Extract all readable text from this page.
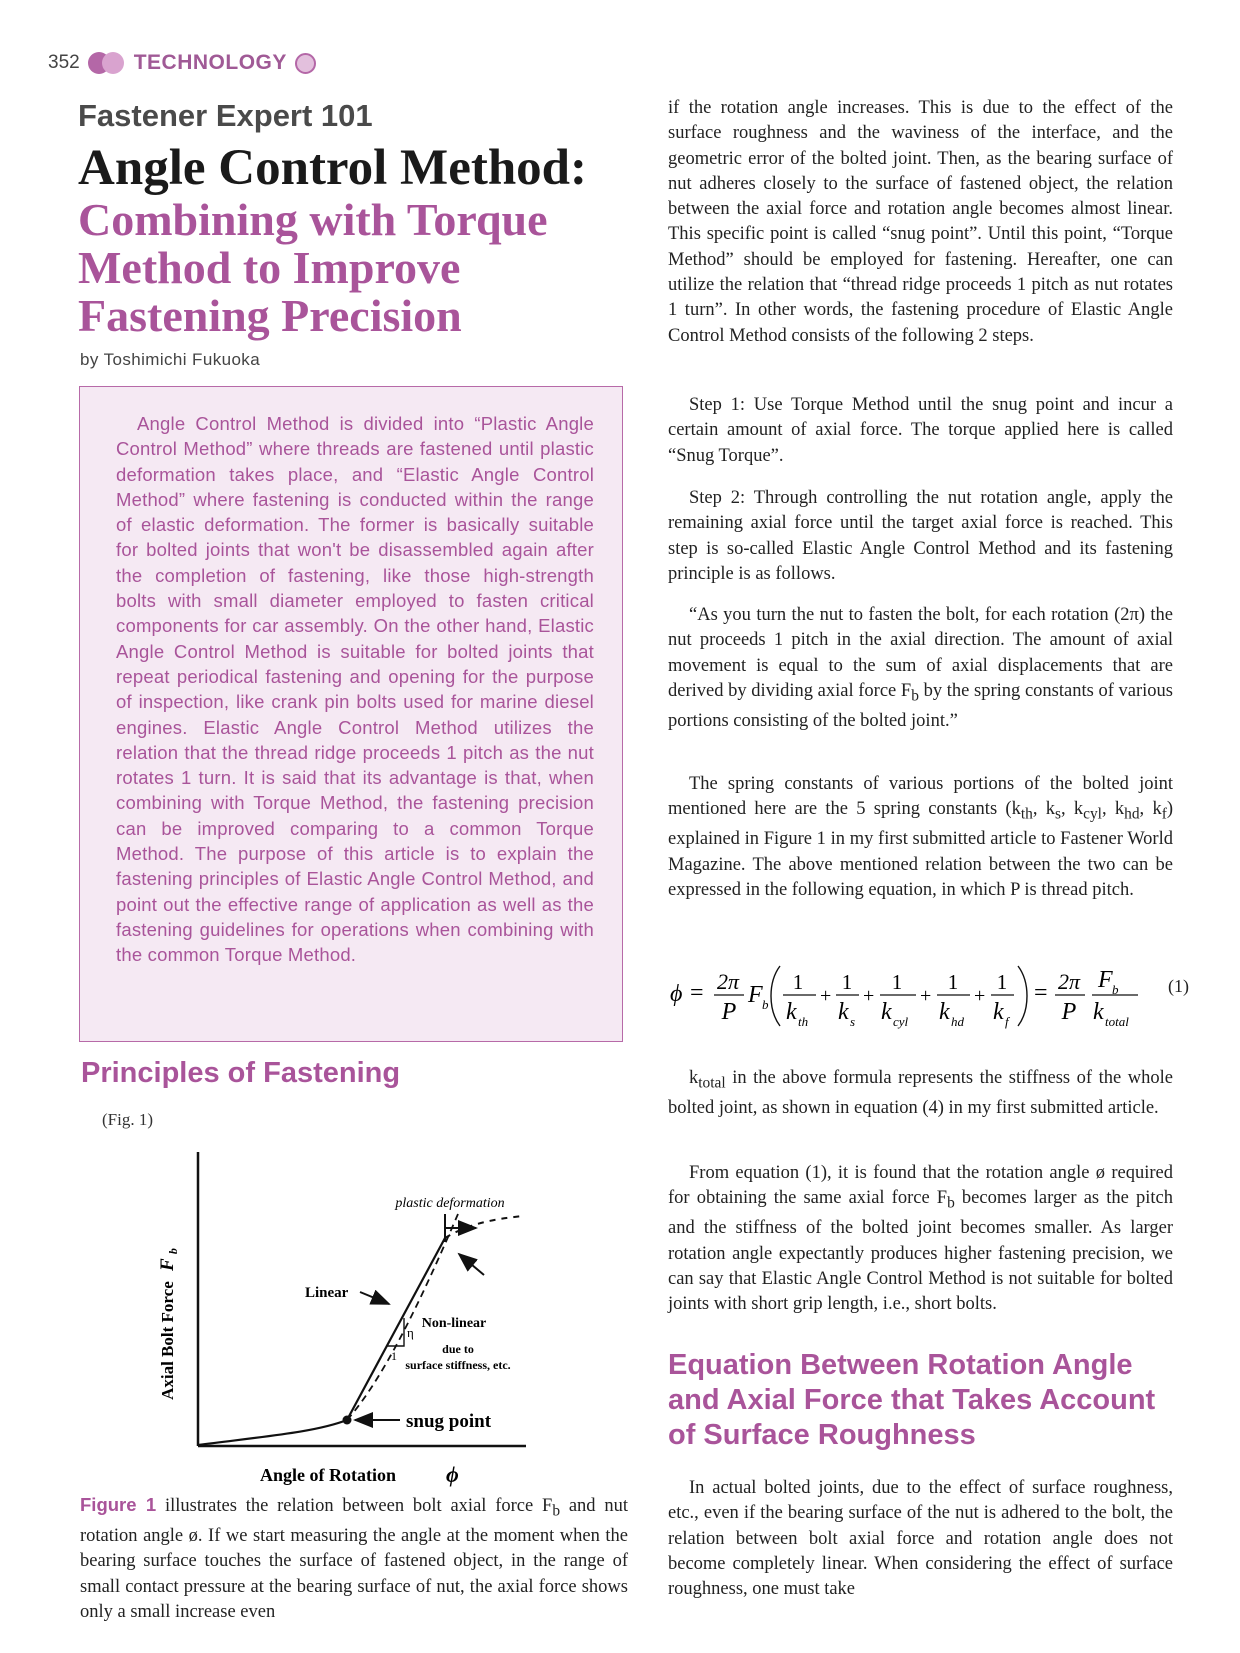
352	TECHNOLOGY
Fastener Expert 101
Angle Control Method:
Combining with Torque Method to Improve Fastening Precision
by Toshimichi Fukuoka

Angle Control Method is divided into “Plastic Angle Control Method” where threads are fastened until plastic deformation takes place, and “Elastic Angle Control Method” where fastening is conducted within the range of elastic deformation. The former is basically suitable for bolted joints that won't be disassembled again after the completion of fastening, like those high-strength bolts with small diameter employed to fasten critical components for car assembly. On the other hand, Elastic Angle Control Method is suitable for bolted joints that repeat periodical fastening and opening for the purpose of inspection, like crank pin bolts used for marine diesel engines. Elastic Angle Control Method utilizes the relation that the thread ridge proceeds 1 pitch as the nut rotates 1 turn. It is said that its advantage is that, when combining with Torque Method, the fastening precision can be improved comparing to a common Torque Method. The purpose of this article is to explain the fastening principles of Elastic Angle Control Method, and point out the effective range of application as well as the fastening guidelines for operations when combining with the common Torque Method.

Principles of Fastening
(Fig. 1)
η
1
snug point
plastic deformation
Linear
Non-linear
due to
surface stiffness, etc.
Axial Bolt Force F $_b$
Angle of Rotation ϕ

Figure 1 illustrates the relation between bolt axial force $F_b$ and nut rotation angle ø. If we start measuring the angle at the moment when the bearing surface touches the surface of fastened object, in the range of small contact pressure at the bearing surface of nut, the axial force shows only a small increase even

if the rotation angle increases. This is due to the effect of the surface roughness and the waviness of the interface, and the geometric error of the bolted joint. Then, as the bearing surface of nut adheres closely to the surface of fastened object, the relation between the axial force and rotation angle becomes almost linear. This specific point is called “snug point”. Until this point, “Torque Method” should be employed for fastening. Hereafter, one can utilize the relation that “thread ridge proceeds 1 pitch as nut rotates 1 turn”. In other words, the fastening procedure of Elastic Angle Control Method consists of the following 2 steps.

Step 1: Use Torque Method until the snug point and incur a certain amount of axial force. The torque applied here is called “Snug Torque”.

Step 2: Through controlling the nut rotation angle, apply the remaining axial force until the target axial force is reached. This step is so-called Elastic Angle Control Method and its fastening principle is as follows.

“As you turn the nut to fasten the bolt, for each rotation (2π) the nut proceeds 1 pitch in the axial direction. The amount of axial movement is equal to the sum of axial displacements that are derived by dividing axial force $F_b$ by the spring constants of various portions consisting of the bolted joint.”

The spring constants of various portions of the bolted joint mentioned here are the 5 spring constants ($k_{th}$, $k_s$, $k_{cyl}$, $k_{hd}$, $k_f$) explained in Figure 1 in my first submitted article to Fastener World Magazine. The above mentioned relation between the two can be expressed in the following equation, in which P is thread pitch.

ϕ = 2π
P
F b
1
k th
+
1
k s
+
1
k cyl
+
1
k hd
+
1
k f
= 2π
P
F b
k total
(1)

$k_{total}$ in the above formula represents the stiffness of the whole bolted joint, as shown in equation (4) in my first submitted article.

From equation (1), it is found that the rotation angle ø required for obtaining the same axial force $F_b$ becomes larger as the pitch and the stiffness of the bolted joint becomes smaller. As larger rotation angle expectantly produces higher fastening precision, we can say that Elastic Angle Control Method is not suitable for bolted joints with short grip length, i.e., short bolts.

Equation Between Rotation Angle and Axial Force that Takes Account of Surface Roughness

In actual bolted joints, due to the effect of surface roughness, etc., even if the bearing surface of the nut is adhered to the bolt, the relation between bolt axial force and rotation angle does not become completely linear. When considering the effect of surface roughness, one must take
